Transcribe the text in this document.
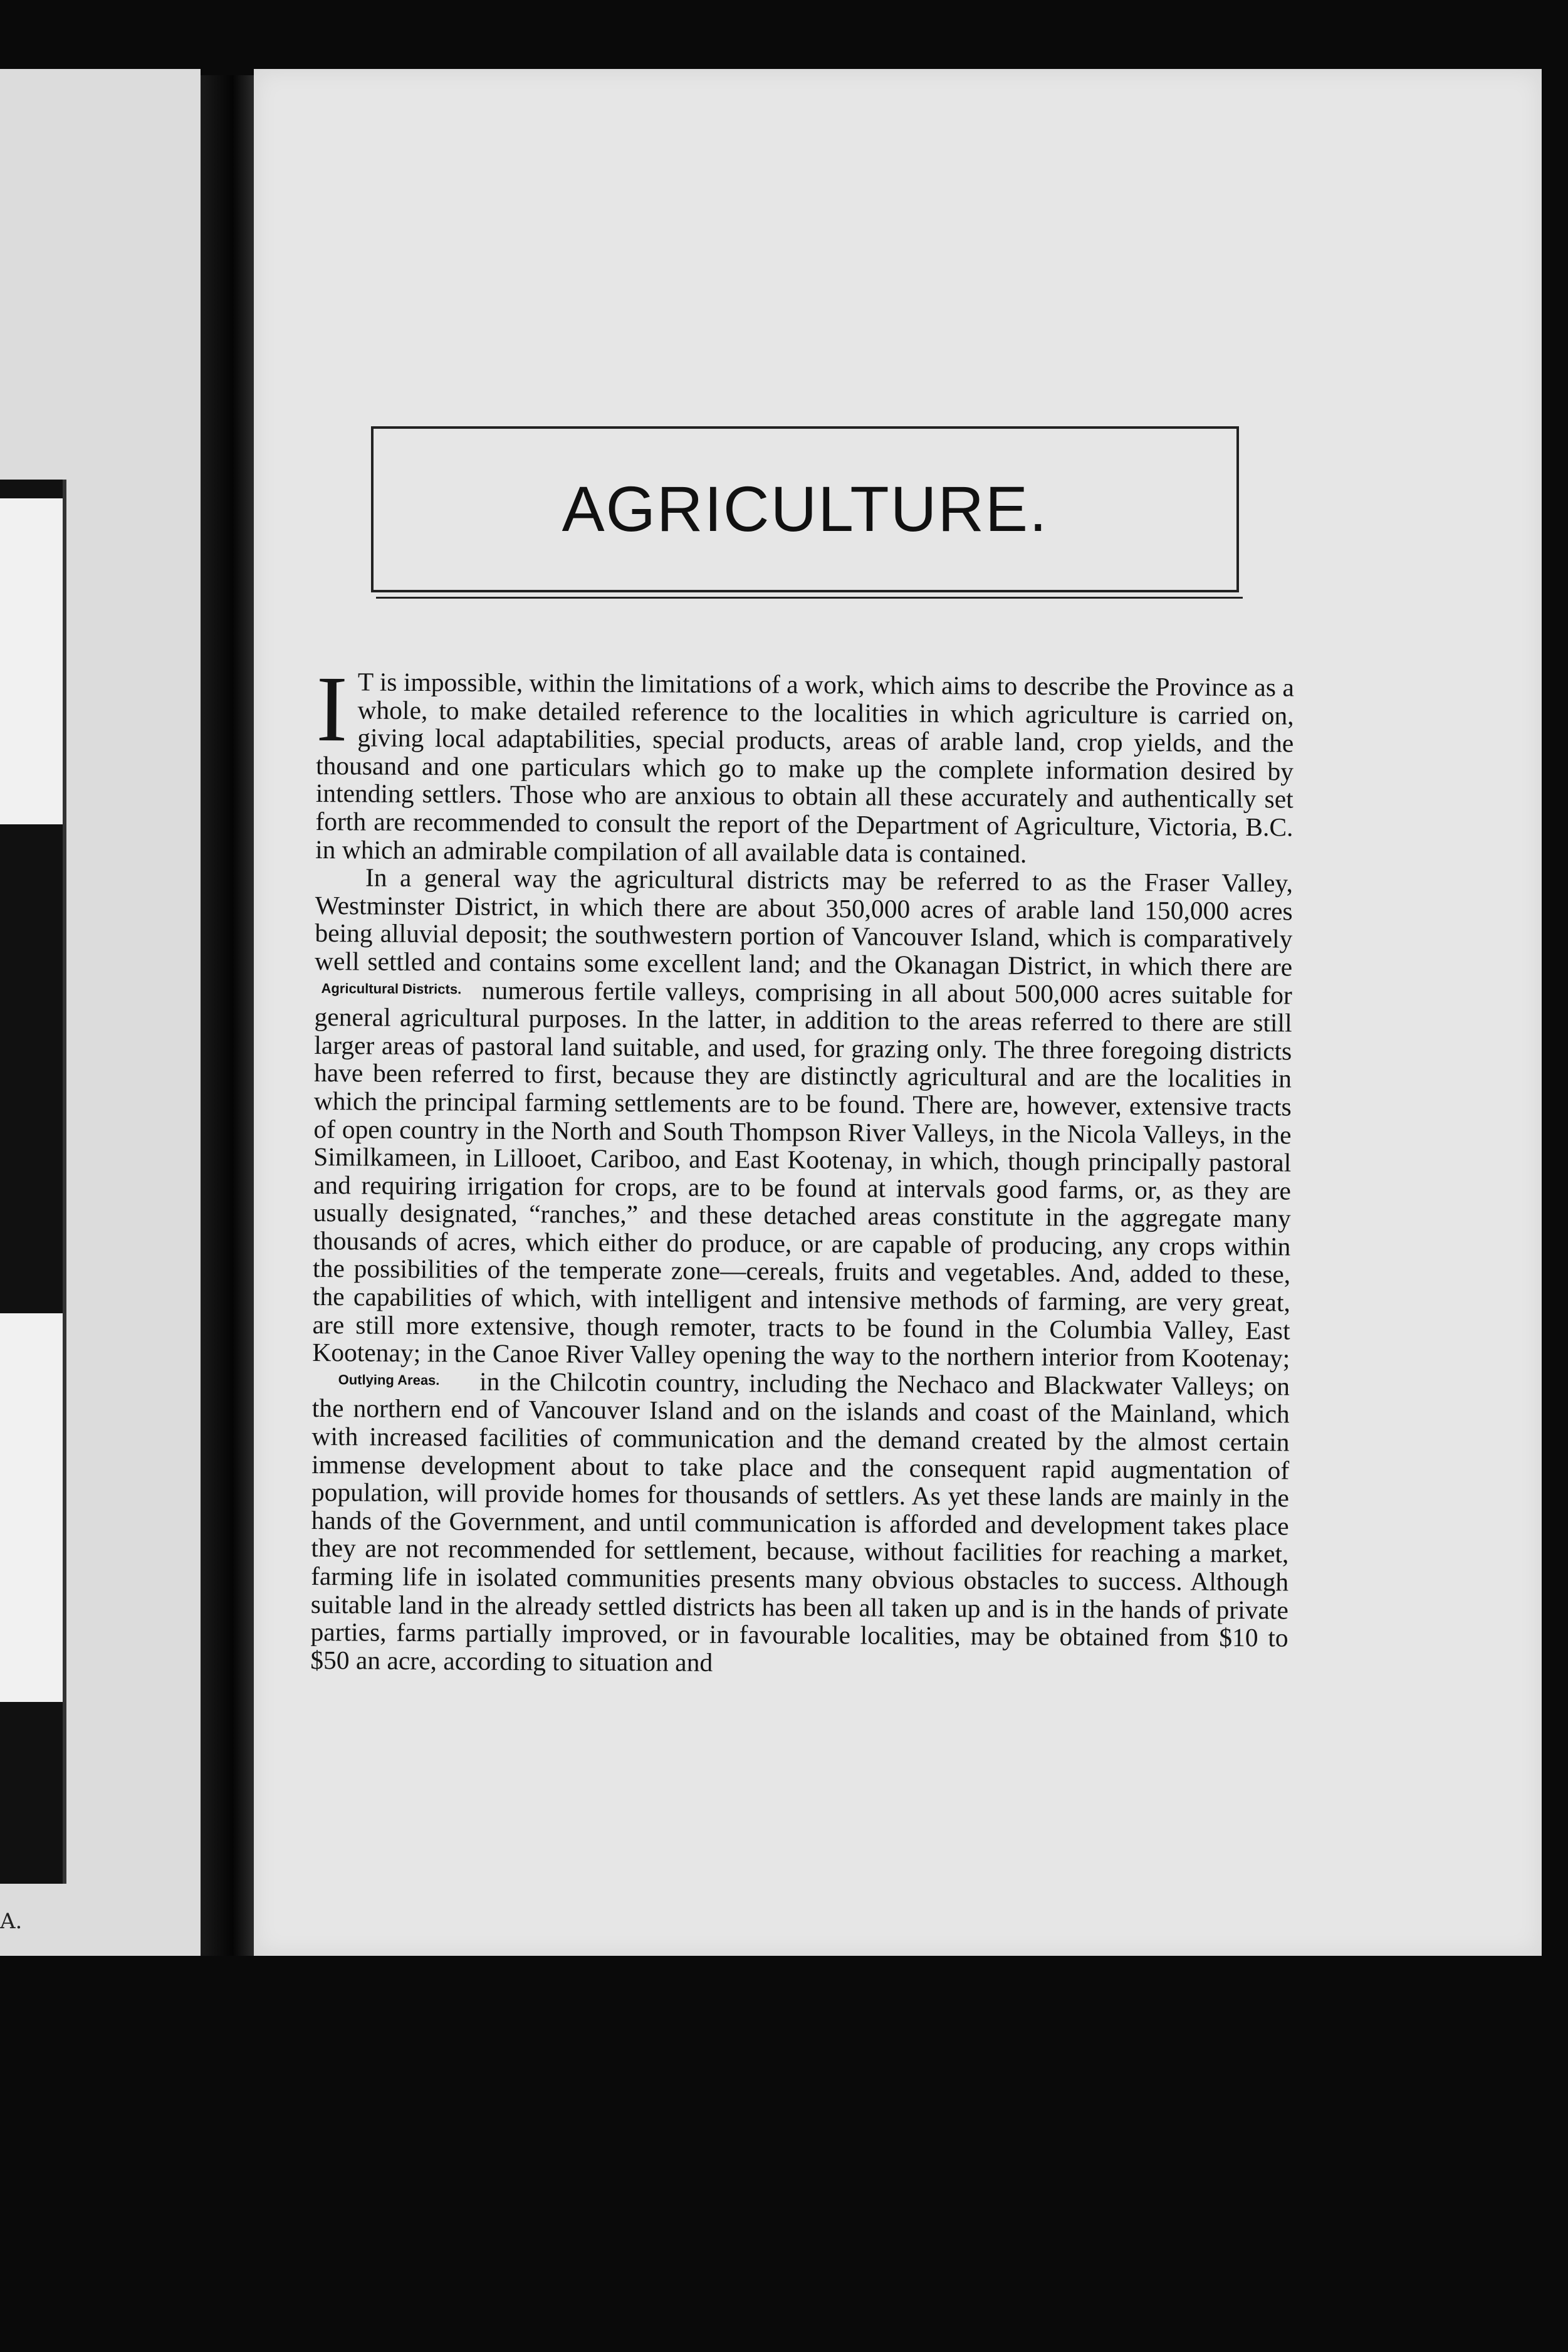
A.
AGRICULTURE.

I T is impossible, within the limitations of a work, which aims to describe the Province as a whole, to make detailed reference to the localities in which agriculture is carried on, giving local adaptabilities, special products, areas of arable land, crop yields, and the thousand and one particulars which go to make up the complete information desired by intending settlers. Those who are anxious to obtain all these accurately and authentically set forth are recommended to consult the report of the Department of Agriculture, Victoria, B.C. in which an admirable compilation of all available data is contained.

In a general way the agricultural districts may be referred to as the Fraser Valley, Westminster District, in which there are about 350,000 acres of arable land 150,000 acres being alluvial deposit; the southwestern portion of Vancouver Island, which is comparatively well settled and contains some excellent land; and the Okanagan District, in which there are numerous fertile valleys, comprising in all
Agricultural Districts.	about 500,000 acres suitable for general agricultural purposes. In the latter, in addition to the areas referred to there are still larger areas of pastoral land suitable, and used, for grazing only. The three foregoing districts have been referred to first, because they are distinctly agricultural and are the localities in which the principal farming settlements are to be found. There are, however, extensive tracts of open country in the North and South Thompson River Valleys, in the Nicola Valleys, in the Similkameen, in Lillooet, Cariboo, and East Kootenay, in which, though principally pastoral and requiring irrigation for crops, are to be found at intervals good farms, or, as they are usually designated, “ranches,” and these detached areas constitute in the aggregate many thousands of acres, which either do produce, or are capable of producing, any crops within the possibilities of the temperate zone—cereals, fruits and vegetables. And, added to these, the capabilities of which, with intelligent and intensive methods of farming, are very great, are still more extensive, though remoter, tracts to be found in the Columbia Valley, East Kootenay; in the Canoe River Valley opening the way to the northern interior from Kootenay; in the
Outlying Areas.	Chilcotin country, including the Nechaco and Blackwater Valleys; on the northern end of Vancouver Island and on the islands and coast of the Mainland, which with increased facilities of communication and the demand created by the almost certain immense development about to take place and the consequent rapid augmentation of population, will provide homes for thousands of settlers. As yet these lands are mainly in the hands of the Government, and until communication is afforded and development takes place they are not recommended for settlement, because, without facilities for reaching a market, farming life in isolated communities presents many obvious obstacles to success. Although suitable land in the already settled districts has been all taken up and is in the hands of private parties, farms partially improved, or in favourable localities, may be obtained from $10 to $50 an acre, according to situation and
